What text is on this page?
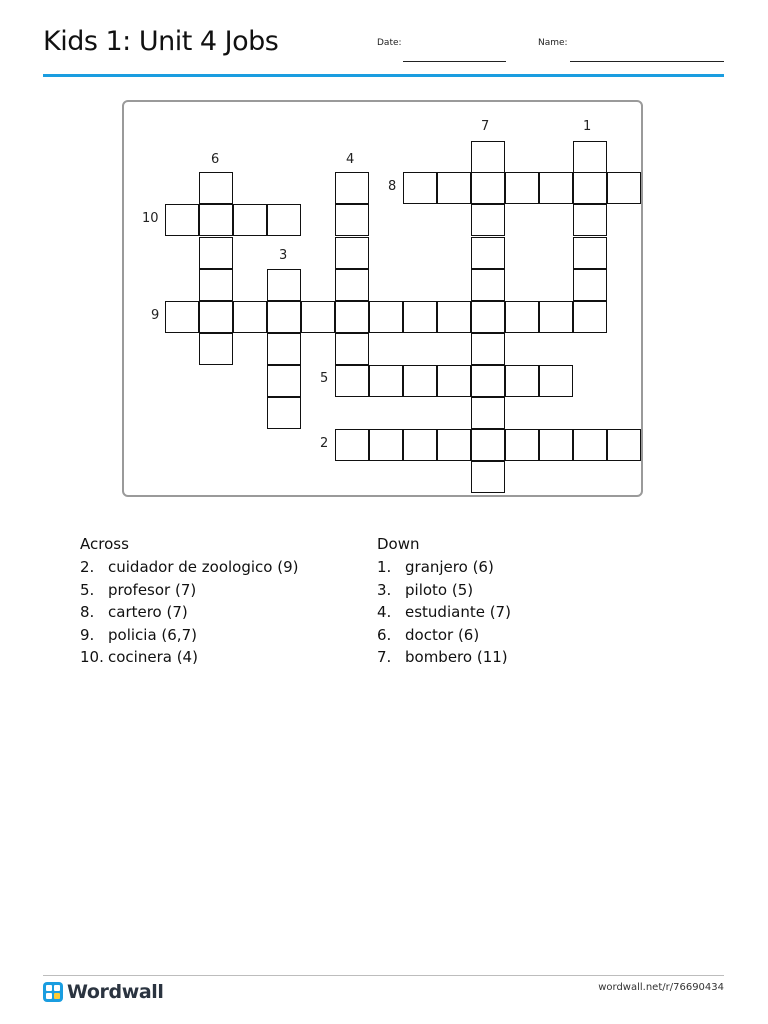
Kids 1: Unit 4 Jobs	Date:	Name:
7	1
6	4
8
10
3
9
5
2
Across
2. cuidador de zoologico (9)
5. profesor (7)
8. cartero (7)
9. policia (6,7)
10. cocinera (4)
Down
1. granjero (6)
3. piloto (5)
4. estudiante (7)
6. doctor (6)
7. bombero (11)
Wordwall	wordwall.net/r/76690434
